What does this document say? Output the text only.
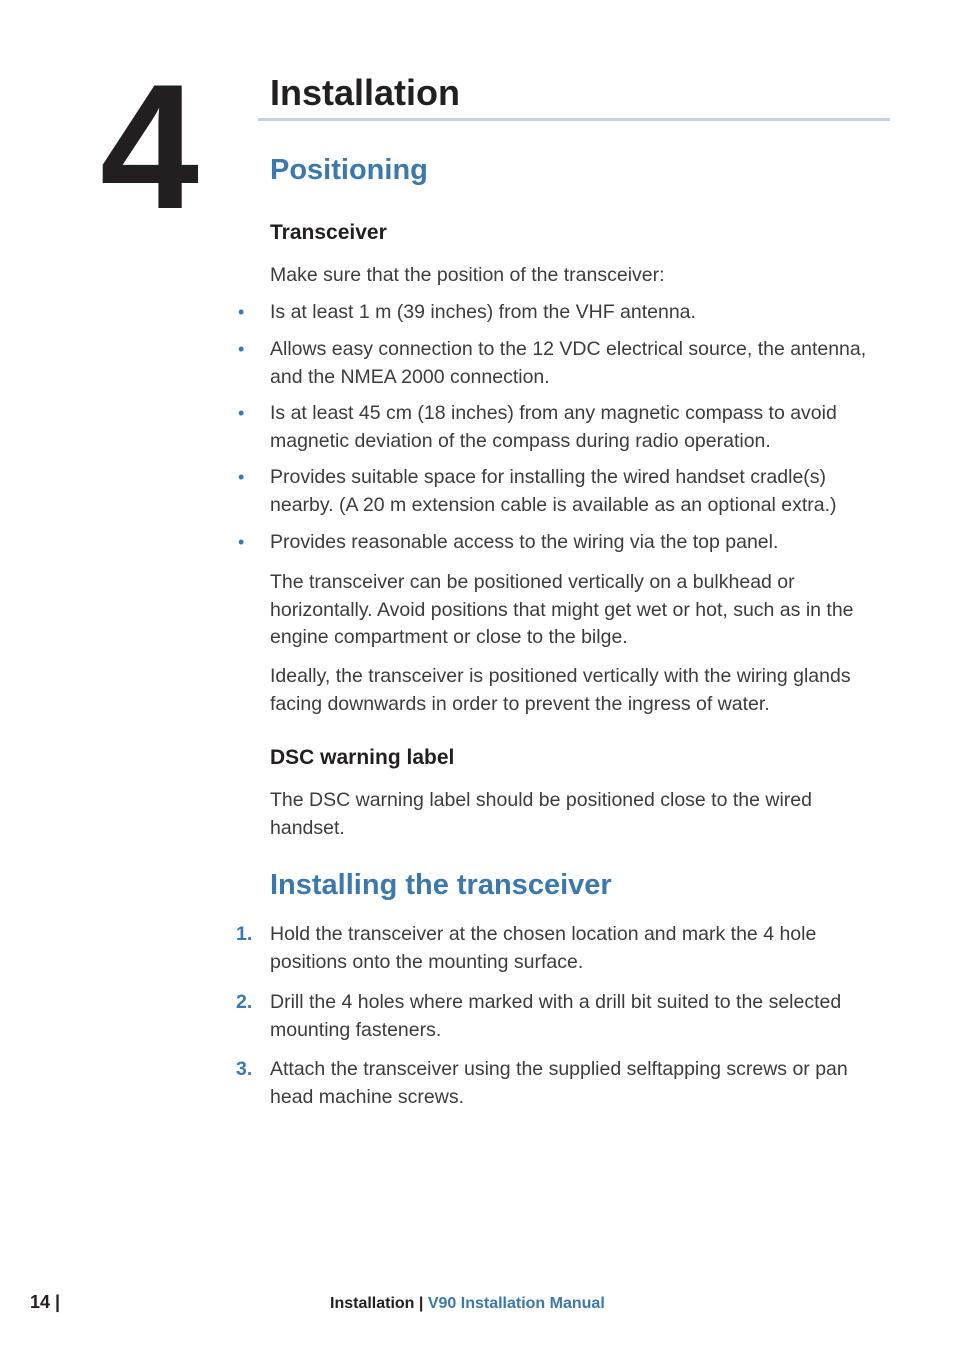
4 Installation
Positioning
Transceiver

Make sure that the position of the transceiver:

• Is at least 1 m (39 inches) from the VHF antenna.
• Allows easy connection to the 12 VDC electrical source, the antenna, and the NMEA 2000 connection.
• Is at least 45 cm (18 inches) from any magnetic compass to avoid magnetic deviation of the compass during radio operation.
• Provides suitable space for installing the wired handset cradle(s) nearby. (A 20 m extension cable is available as an optional extra.)
• Provides reasonable access to the wiring via the top panel.

The transceiver can be positioned vertically on a bulkhead or horizontally. Avoid positions that might get wet or hot, such as in the engine compartment or close to the bilge.

Ideally, the transceiver is positioned vertically with the wiring glands facing downwards in order to prevent the ingress of water.

DSC warning label

The DSC warning label should be positioned close to the wired handset.

Installing the transceiver
1. Hold the transceiver at the chosen location and mark the 4 hole positions onto the mounting surface.
2. Drill the 4 holes where marked with a drill bit suited to the selected mounting fasteners.
3. Attach the transceiver using the supplied selftapping screws or pan head machine screws.
14 |	Installation | V90 Installation Manual
